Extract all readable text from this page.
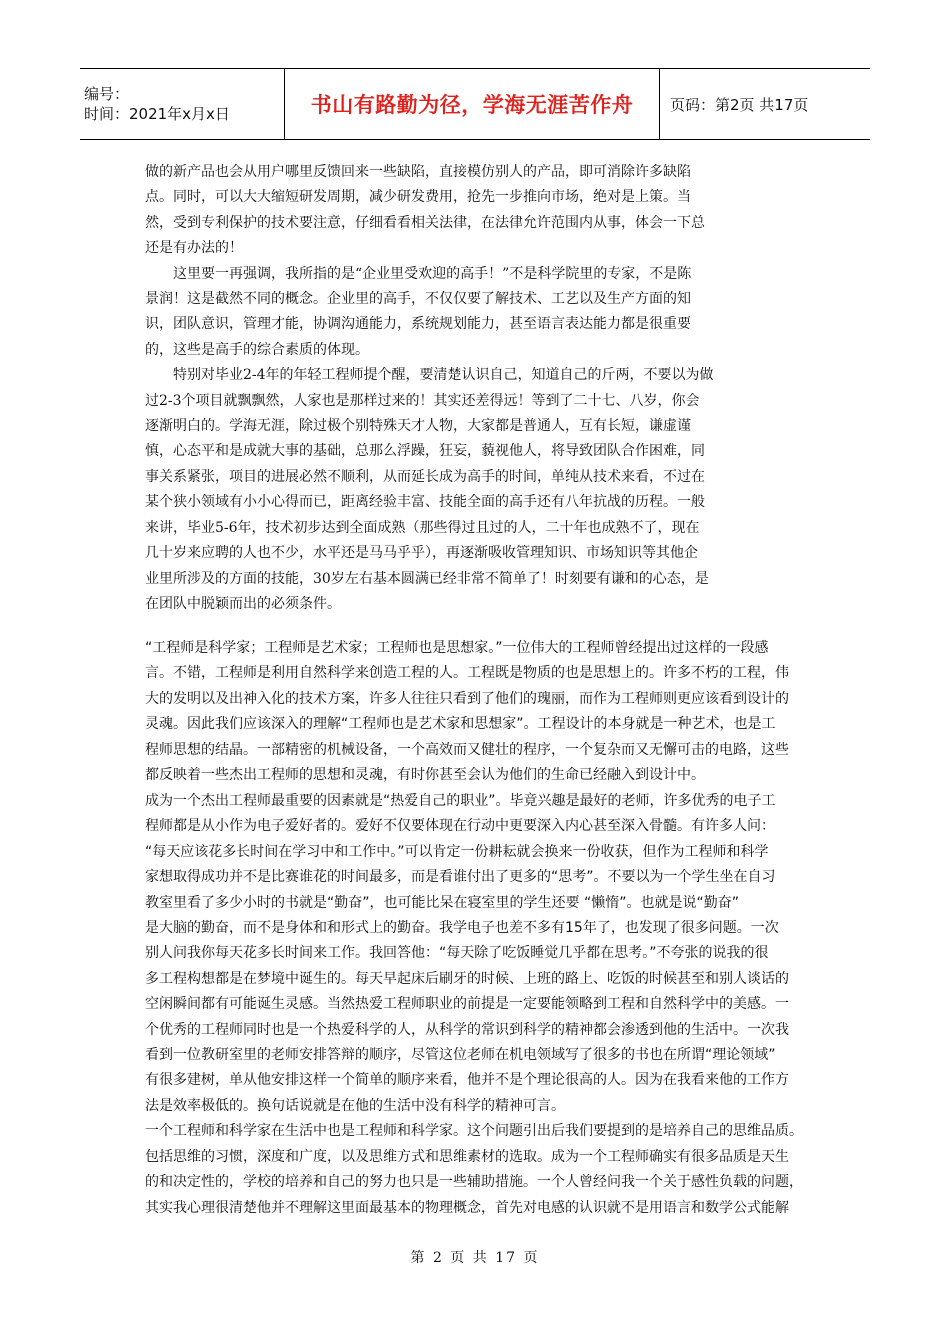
编号：
时间：2021年x月x日	书山有路勤为径，学海无涯苦作舟 页码：第2页 共17页
做的新产品也会从用户哪里反馈回来一些缺陷，直接模仿别人的产品，即可消除许多缺陷
点。同时，可以大大缩短研发周期，减少研发费用，抢先一步推向市场，绝对是上策。当
然，受到专利保护的技术要注意，仔细看看相关法律，在法律允许范围内从事，体会一下总
还是有办法的！
　　这里要一再强调，我所指的是“企业里受欢迎的高手！”不是科学院里的专家，不是陈
景润！这是截然不同的概念。企业里的高手，不仅仅要了解技术、工艺以及生产方面的知
识，团队意识，管理才能，协调沟通能力，系统规划能力，甚至语言表达能力都是很重要
的，这些是高手的综合素质的体现。
　　特别对毕业2-4年的年轻工程师提个醒，要清楚认识自己，知道自己的斤两，不要以为做
过2-3个项目就飘飘然，人家也是那样过来的！其实还差得远！等到了二十七、八岁，你会
逐渐明白的。学海无涯，除过极个别特殊天才人物，大家都是普通人，互有长短，谦虚谨
慎，心态平和是成就大事的基础，总那么浮躁，狂妄，藐视他人，将导致团队合作困难，同
事关系紧张，项目的进展必然不顺利，从而延长成为高手的时间，单纯从技术来看，不过在
某个狭小领域有小小心得而已，距离经验丰富、技能全面的高手还有八年抗战的历程。一般
来讲，毕业5-6年，技术初步达到全面成熟（那些得过且过的人，二十年也成熟不了，现在
几十岁来应聘的人也不少，水平还是马马乎乎），再逐渐吸收管理知识、市场知识等其他企
业里所涉及的方面的技能，30岁左右基本圆满已经非常不简单了！时刻要有谦和的心态，是
在团队中脱颖而出的必须条件。
“工程师是科学家；工程师是艺术家；工程师也是思想家。”一位伟大的工程师曾经提出过这样的一段感
言。不错，工程师是利用自然科学来创造工程的人。工程既是物质的也是思想上的。许多不朽的工程，伟
大的发明以及出神入化的技术方案，许多人往往只看到了他们的瑰丽，而作为工程师则更应该看到设计的
灵魂。因此我们应该深入的理解“工程师也是艺术家和思想家”。工程设计的本身就是一种艺术，也是工
程师思想的结晶。一部精密的机械设备，一个高效而又健壮的程序，一个复杂而又无懈可击的电路，这些
都反映着一些杰出工程师的思想和灵魂，有时你甚至会认为他们的生命已经融入到设计中。
成为一个杰出工程师最重要的因素就是“热爱自己的职业”。毕竟兴趣是最好的老师，许多优秀的电子工
程师都是从小作为电子爱好者的。爱好不仅要体现在行动中更要深入内心甚至深入骨髓。有许多人问：
“每天应该花多长时间在学习中和工作中。”可以肯定一份耕耘就会换来一份收获，但作为工程师和科学
家想取得成功并不是比赛谁花的时间最多，而是看谁付出了更多的“思考”。不要以为一个学生坐在自习
教室里看了多少小时的书就是“勤奋”，也可能比呆在寝室里的学生还要 “懒惰”。也就是说“勤奋”
是大脑的勤奋，而不是身体和和形式上的勤奋。我学电子也差不多有15年了，也发现了很多问题。一次
别人问我你每天花多长时间来工作。我回答他：“每天除了吃饭睡觉几乎都在思考。”不夸张的说我的很
多工程构想都是在梦境中诞生的。每天早起床后刷牙的时候、上班的路上、吃饭的时候甚至和别人谈话的
空闲瞬间都有可能诞生灵感。当然热爱工程师职业的前提是一定要能领略到工程和自然科学中的美感。一
个优秀的工程师同时也是一个热爱科学的人，从科学的常识到科学的精神都会渗透到他的生活中。一次我
看到一位教研室里的老师安排答辩的顺序，尽管这位老师在机电领域写了很多的书也在所谓“理论领域”
有很多建树，单从他安排这样一个简单的顺序来看，他并不是个理论很高的人。因为在我看来他的工作方
法是效率极低的。换句话说就是在他的生活中没有科学的精神可言。
一个工程师和科学家在生活中也是工程师和科学家。这个问题引出后我们要提到的是培养自己的思维品质。
包括思维的习惯，深度和广度，以及思维方式和思维素材的选取。成为一个工程师确实有很多品质是天生
的和决定性的，学校的培养和自己的努力也只是一些辅助措施。一个人曾经问我一个关于感性负载的问题，
其实我心理很清楚他并不理解这里面最基本的物理概念，首先对电感的认识就不是用语言和数学公式能解
第 2 页 共 17 页
